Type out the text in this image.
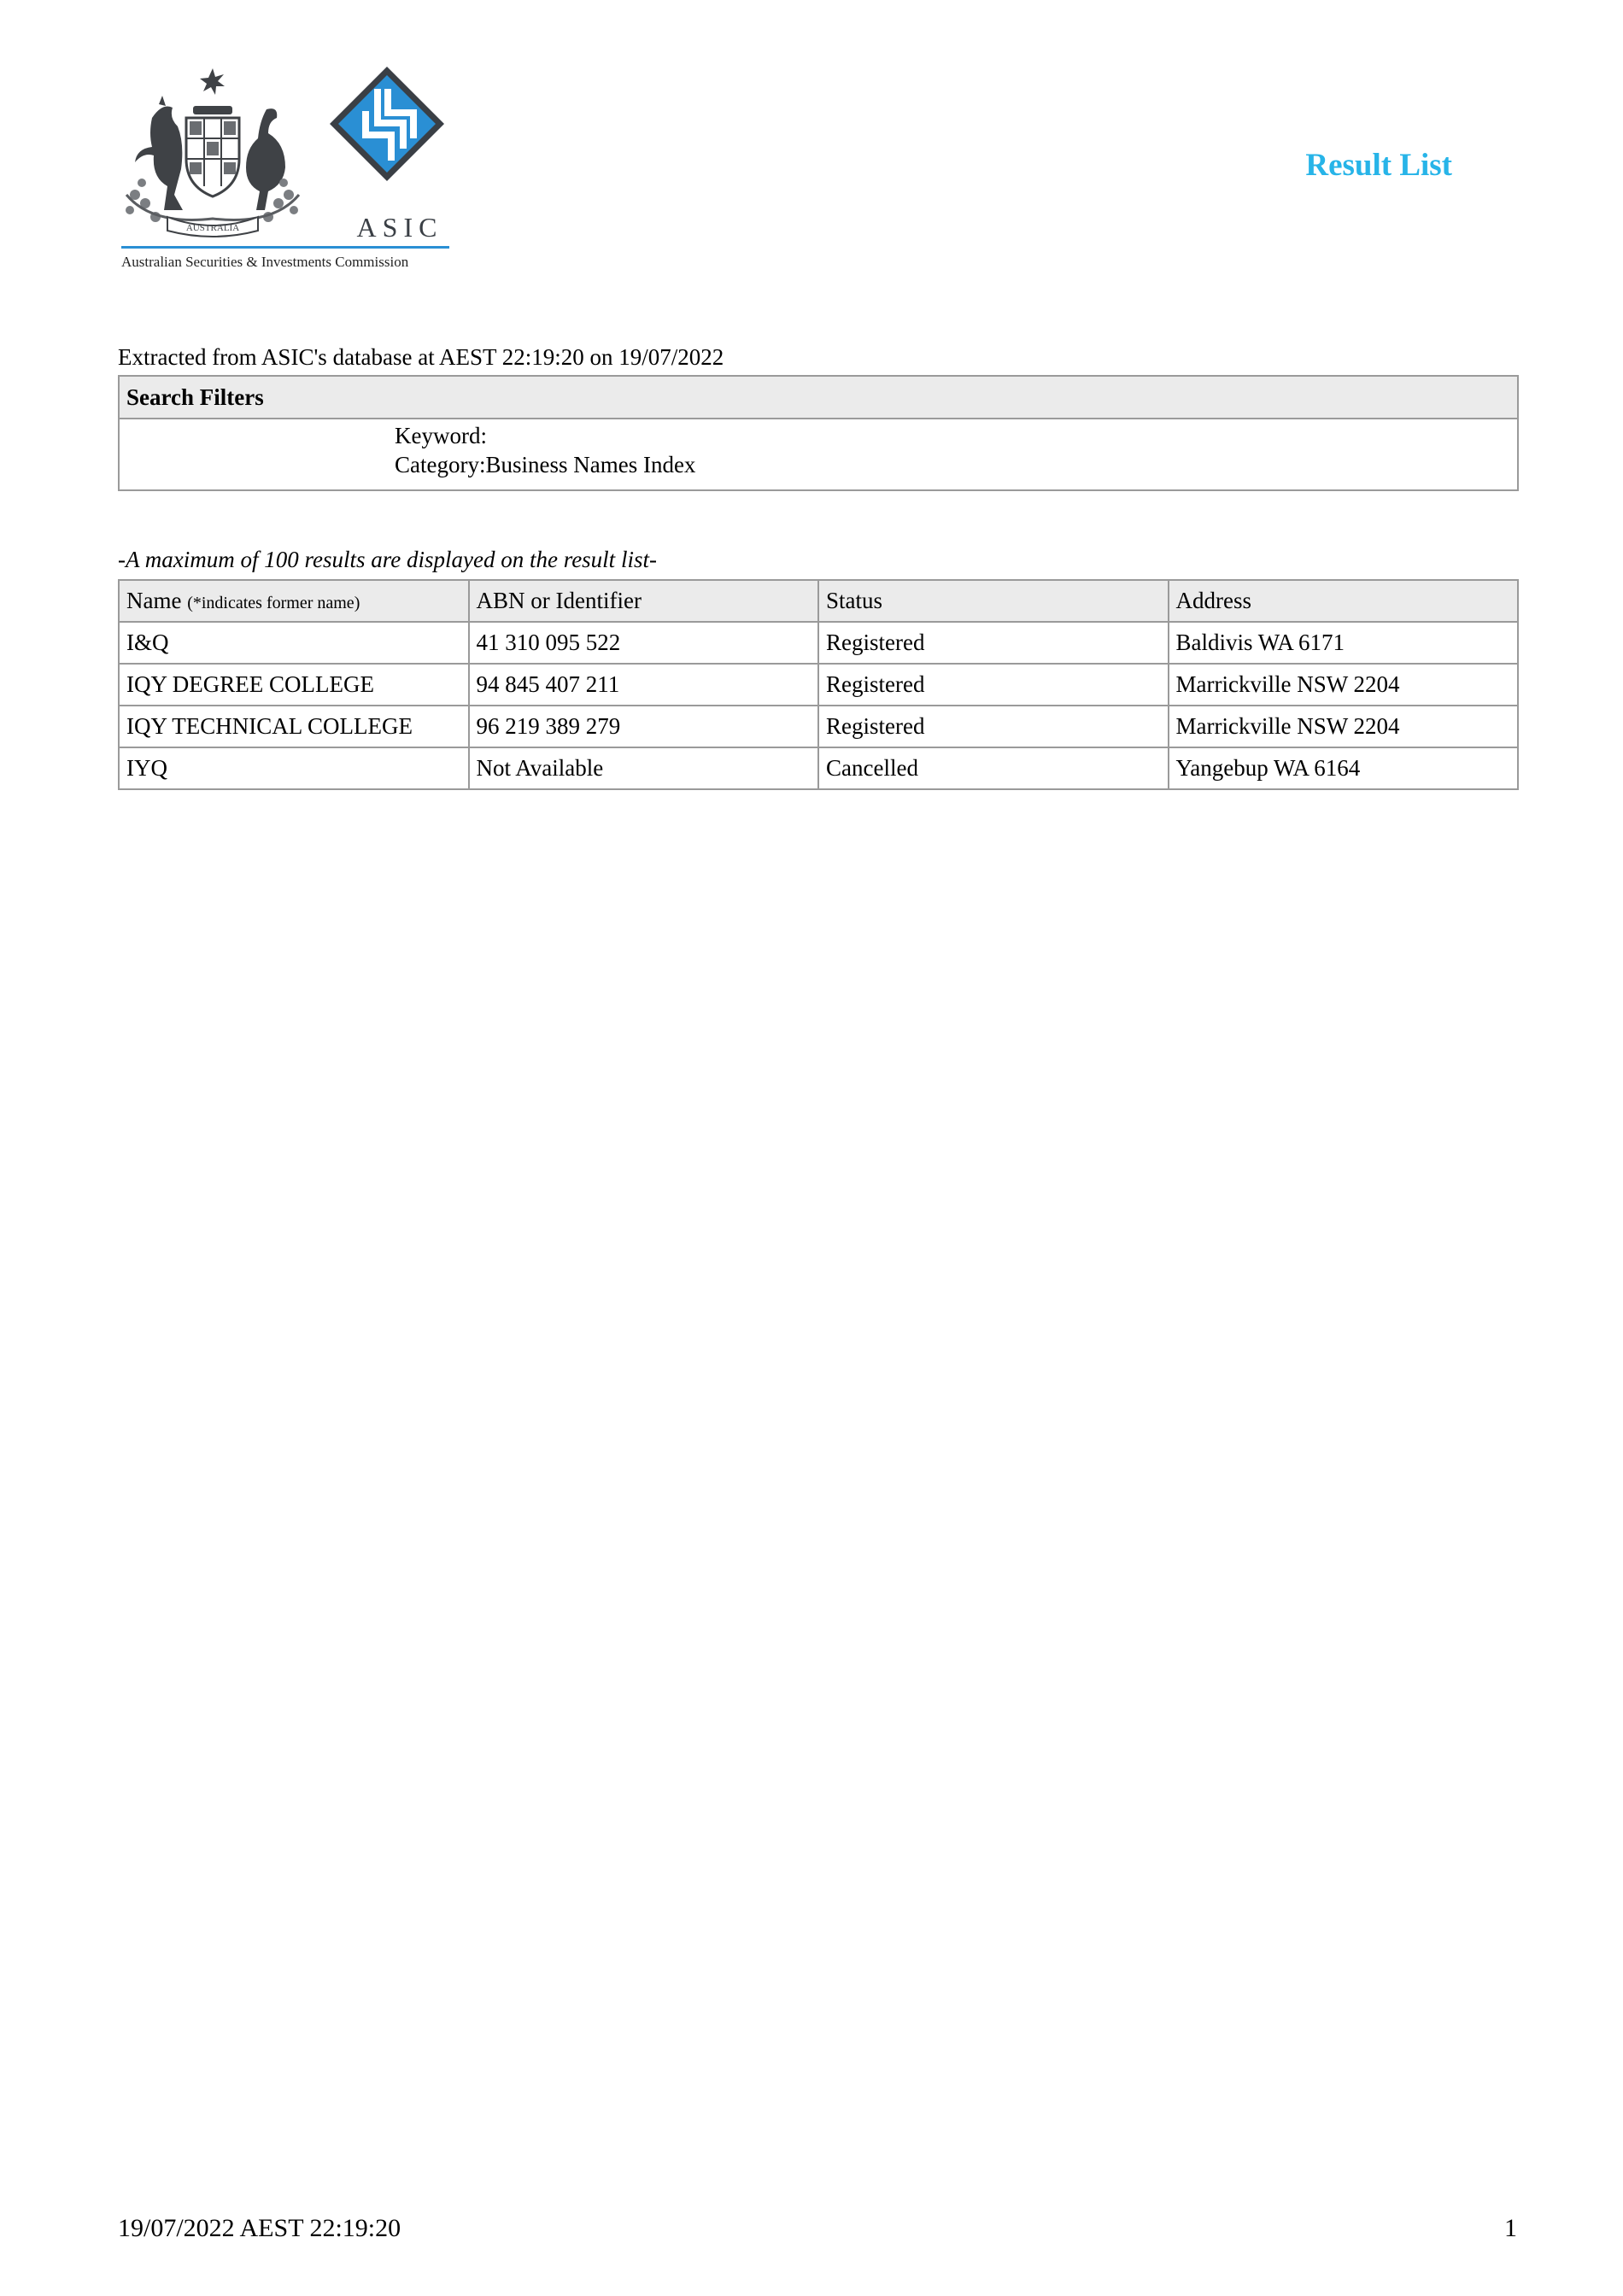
AUSTRALIA	ASIC
Australian Securities & Investments Commission
Result List
Extracted from ASIC's database at AEST 22:19:20 on 19/07/2022
Search Filters
Keyword:
Category:Business Names Index
-A maximum of 100 results are displayed on the result list-
Name (*indicates former name)	ABN or Identifier	Status	Address
I&Q	41 310 095 522	Registered	Baldivis WA 6171
IQY DEGREE COLLEGE	94 845 407 211	Registered	Marrickville NSW 2204
IQY TECHNICAL COLLEGE	96 219 389 279	Registered	Marrickville NSW 2204
IYQ	Not Available	Cancelled	Yangebup WA 6164
19/07/2022 AEST 22:19:20	1
